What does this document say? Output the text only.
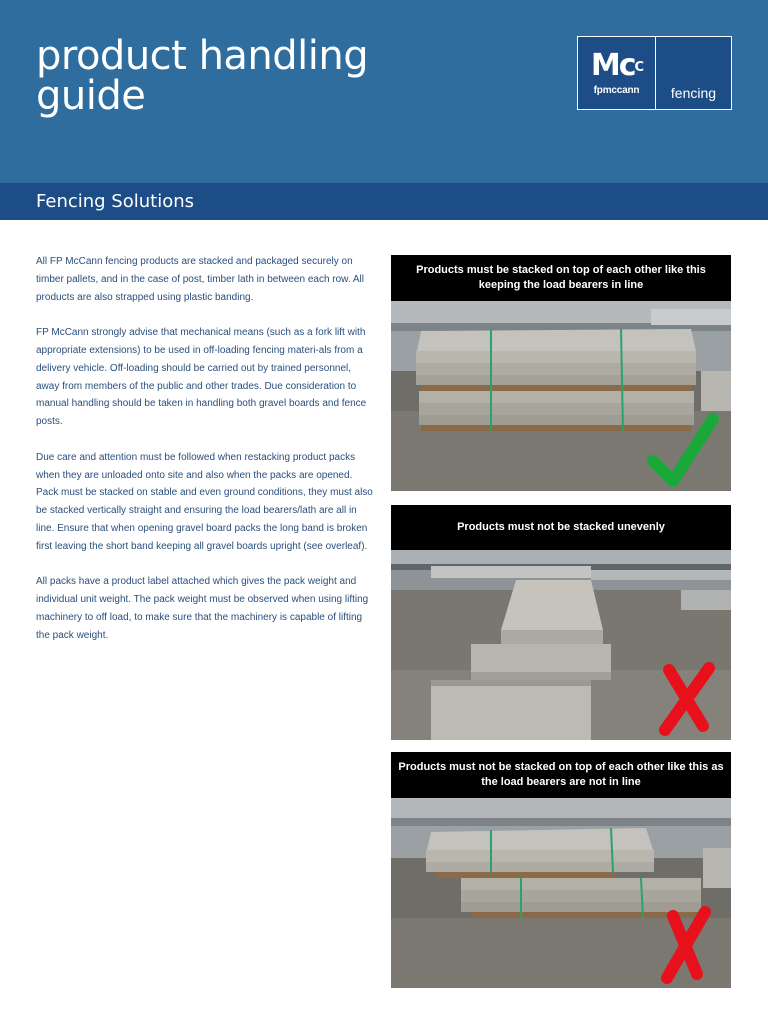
product handling
guide
$Mc^C$
fpmccann	fencing
Fencing Solutions

All FP McCann fencing products are stacked and packaged securely on timber pallets, and in the case of post, timber lath in between each row. All products are also strapped using plastic banding.

FP McCann strongly advise that mechanical means (such as a fork lift with appropriate extensions) to be used in off-loading fencing materi-als from a delivery vehicle. Off-loading should be carried out by trained personnel, away from members of the public and other trades. Due consideration to manual handling should be taken in handling both gravel boards and fence posts.

Due care and attention must be followed when restacking product packs when they are unloaded onto site and also when the packs are opened. Pack must be stacked on stable and even ground conditions, they must also be stacked vertically straight and ensuring the load bearers/lath are all in line. Ensure that when opening gravel board packs the long band is broken first leaving the short band keeping all gravel boards upright (see overleaf).

All packs have a product label attached which gives the pack weight and individual unit weight. The pack weight must be observed when using lifting machinery to off load, to make sure that the machinery is capable of lifting the pack weight.

Products must be stacked on top of each other like this keeping the load bearers in line
Products must not be stacked unevenly
Products must not be stacked on top of each other like this as the load bearers are not in line
